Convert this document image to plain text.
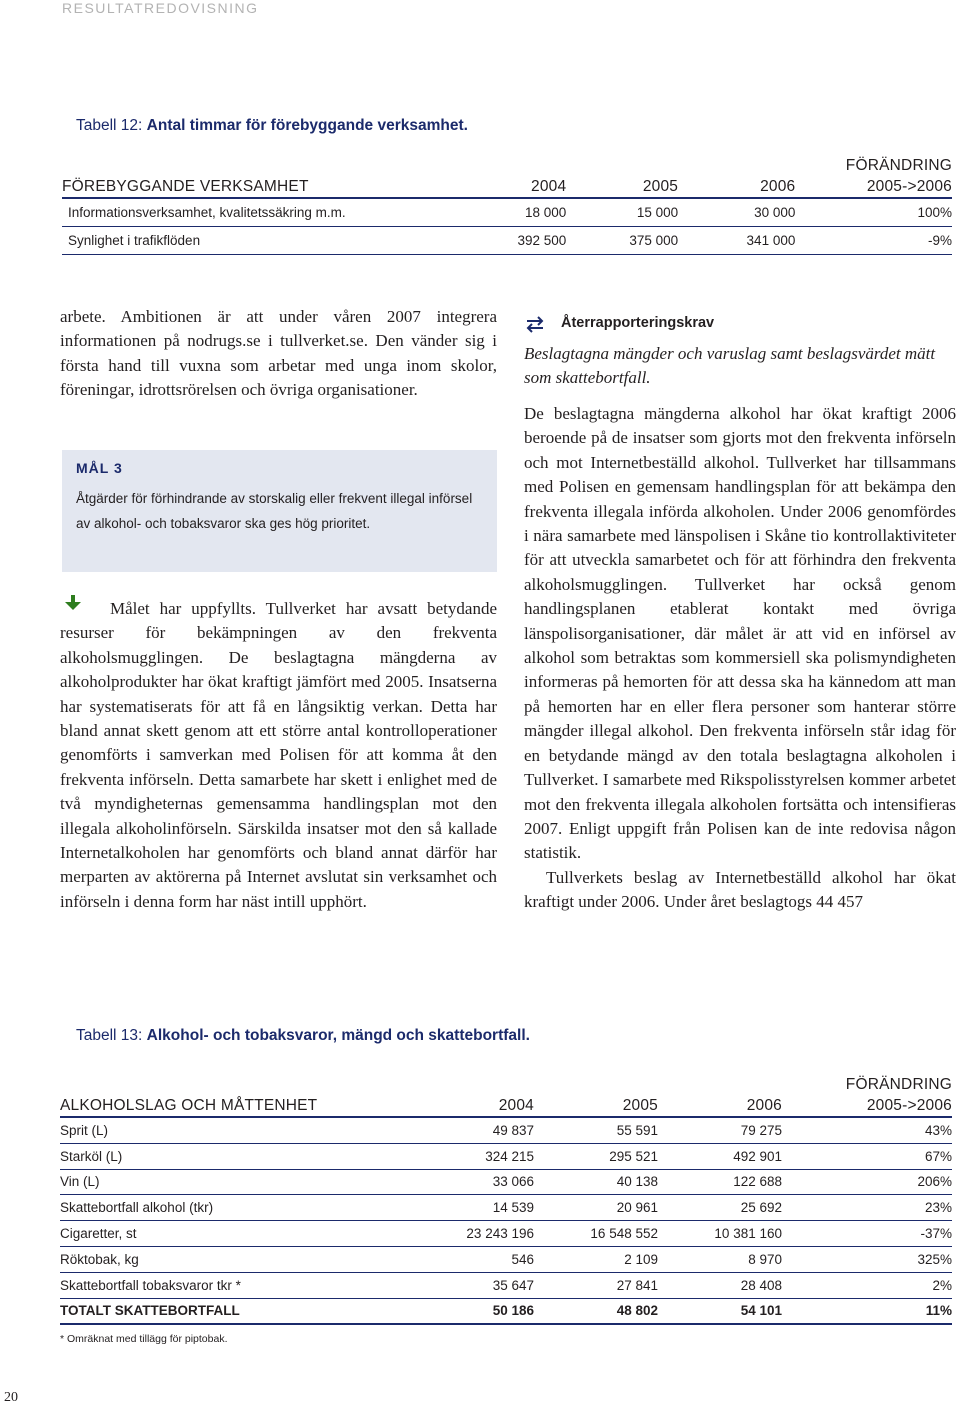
RESULTATREDOVISNING
Tabell 12: Antal timmar för förebyggande verksamhet.
FÖREBYGGANDE VERKSAMHET	2004	2005	2006	FÖRÄNDRING
2005->2006

Informationsverksamhet, kvalitetssäkring m.m.	18 000	15 000	30 000	100%
Synlighet i trafikflöden	392 500	375 000	341 000	-9%
arbete. Ambitionen är att under våren 2007 integrera informationen på nodrugs.se i tullverket.se. Den vänder sig i första hand till vuxna som arbetar med unga inom skolor, föreningar, idrottsrörelsen och övriga organisationer.
MÅL 3
Åtgärder för förhindrande av storskalig eller frekvent illegal införsel av alkohol- och tobaksvaror ska ges hög prioritet.
Målet har uppfyllts. Tullverket har avsatt betydande resurser för bekämpningen av den frekventa alkoholsmugglingen. De beslagtagna mängderna av alkoholprodukter har ökat kraftigt jämfört med 2005. Insatserna har systematiserats för att få en långsiktig verkan. Detta har bland annat skett genom att ett större antal kontrolloperationer genomförts i samverkan med Polisen för att komma åt den frekventa införseln. Detta samarbete har skett i enlighet med de två myndigheternas gemensamma handlingsplan mot den illegala alkoholinförseln. Särskilda insatser mot den så kallade Internetalkoholen har genomförts och bland annat därför har merparten av aktörerna på Internet avslutat sin verksamhet och införseln i denna form har näst intill upphört.
Återrapporteringskrav
Beslagtagna mängder och varuslag samt beslagsvärdet mätt som skattebortfall.

De beslagtagna mängderna alkohol har ökat kraftigt 2006 beroende på de insatser som gjorts mot den frekventa införseln och mot Internetbeställd alkohol. Tullverket har tillsammans med Polisen en gemensam handlingsplan för att bekämpa den frekventa illegala införda alkoholen. Under 2006 genomfördes i nära samarbete med länspolisen i Skåne tio kontrollaktiviteter för att utveckla samarbetet och för att förhindra den frekventa alkoholsmugglingen. Tullverket har också genom handlingsplanen etablerat kontakt med övriga länspolisorganisationer, där målet är att vid en införsel av alkohol som betraktas som kommersiell ska polismyndigheten informeras på hemorten för att dessa ska ha kännedom att man på hemorten har en eller flera personer som hanterar större mängder illegal alkohol. Den frekventa införseln står idag för en betydande mängd av den totala beslagtagna alkoholen i Tullverket. I samarbete med Rikspolisstyrelsen kommer arbetet mot den frekventa illegala alkoholen fortsätta och intensifieras 2007. Enligt uppgift från Polisen kan de inte redovisa någon statistik.

Tullverkets beslag av Internetbeställd alkohol har ökat kraftigt under 2006. Under året beslagtogs 44 457

Tabell 13: Alkohol- och tobaksvaror, mängd och skattebortfall.
ALKOHOLSLAG OCH MÅTTENHET	2004	2005	2006	FÖRÄNDRING
2005->2006

Sprit (L)	49 837	55 591	79 275	43%
Starköl (L)	324 215	295 521	492 901	67%
Vin (L)	33 066	40 138	122 688	206%
Skattebortfall alkohol (tkr)	14 539	20 961	25 692	23%
Cigaretter, st	23 243 196	16 548 552	10 381 160	-37%
Röktobak, kg	546	2 109	8 970	325%
Skattebortfall tobaksvaror tkr *	35 647	27 841	28 408	2%
TOTALT SKATTEBORTFALL	50 186	48 802	54 101	11%
* Omräknat med tillägg för piptobak.
20
